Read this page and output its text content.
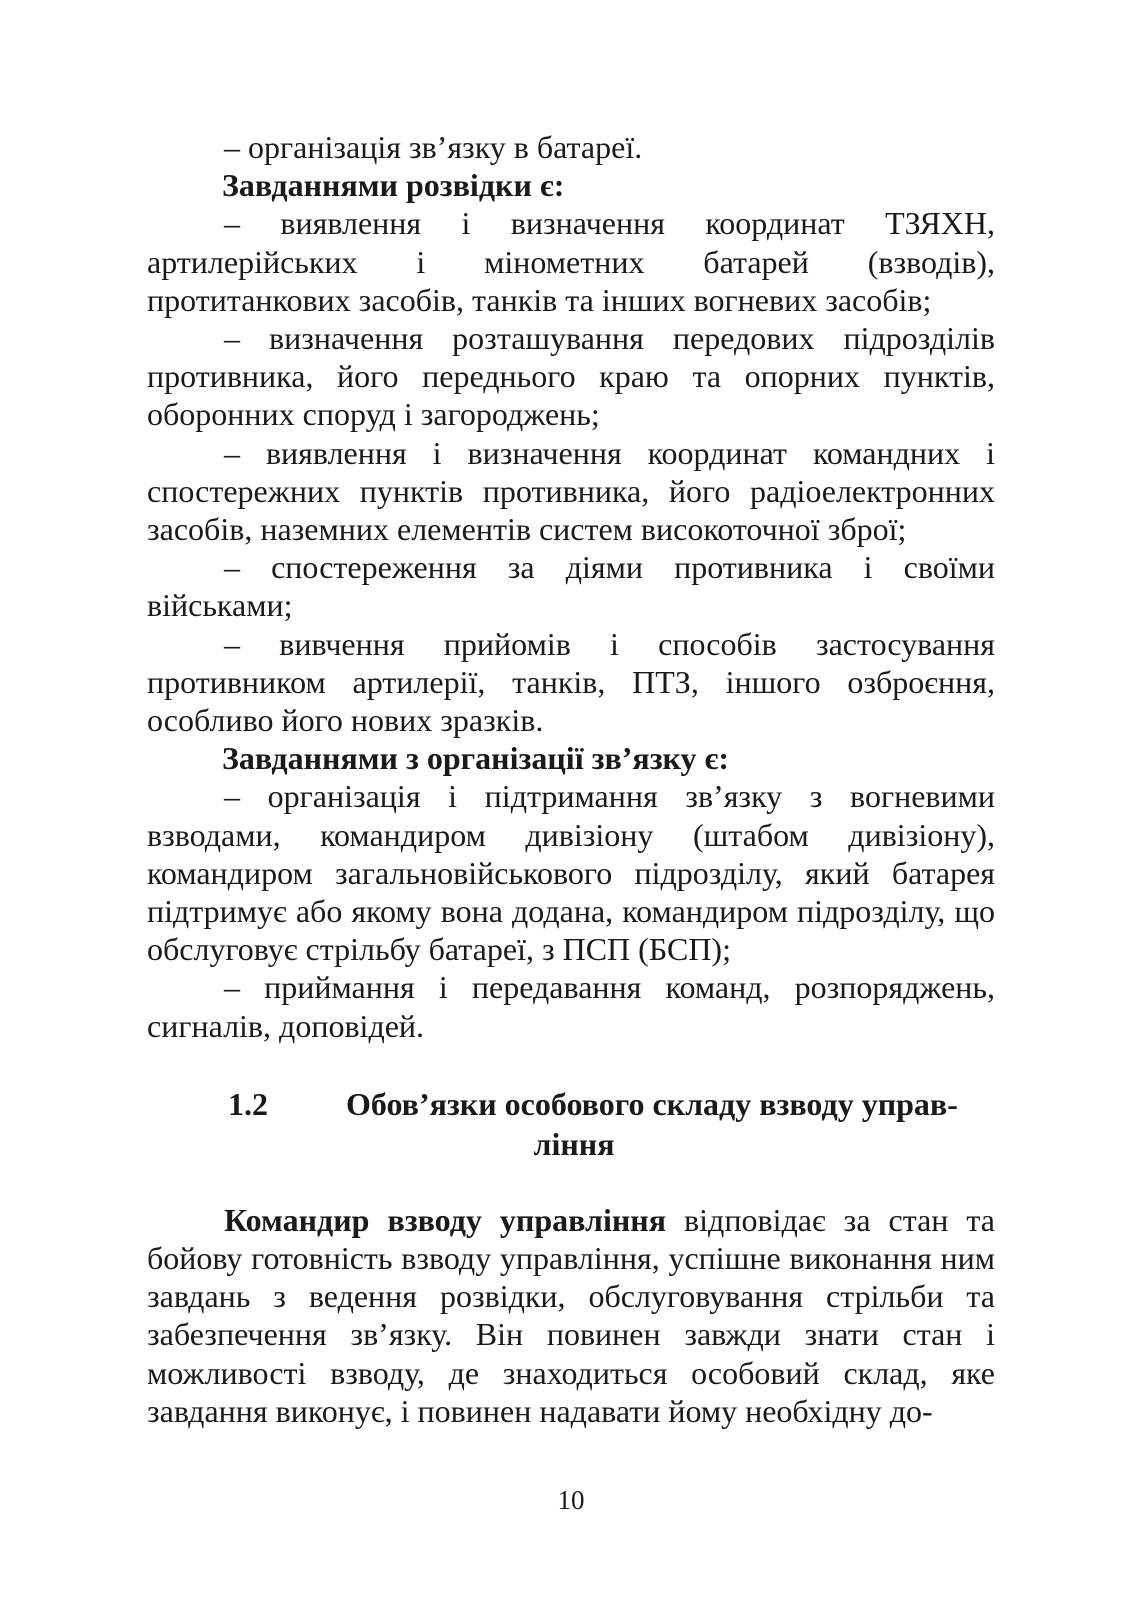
– організація зв’язку в батареї.

Завданнями розвідки є:

– виявлення і визначення координат ТЗЯХН, артилерійських і мінометних батарей (взводів), протитанкових засобів, танків та інших вогневих засобів;

– визначення розташування передових підрозділів противника, його переднього краю та опорних пунктів, оборонних споруд і загороджень;

– виявлення і визначення координат командних і спостережних пунктів противника, його радіоелектронних засобів, наземних елементів систем високоточної зброї;

– спостереження за діями противника і своїми військами;

– вивчення прийомів і способів застосування противником артилерії, танків, ПТЗ, іншого озброєння, особливо його нових зразків.

Завданнями з організації зв’язку є:

– організація і підтримання зв’язку з вогневими взводами, командиром дивізіону (штабом дивізіону), командиром загальновійськового підрозділу, який батарея підтримує або якому вона додана, командиром підрозділу, що обслуговує стрільбу батареї, з ПСП (БСП);

– приймання і передавання команд, розпоряджень, сигналів, доповідей.

1.2 Обов’язки особового складу взводу управ-
ління

Командир взводу управління відповідає за стан та бойову готовність взводу управління, успішне виконання ним завдань з ведення розвідки, обслуговування стрільби та забезпечення зв’язку. Він повинен завжди знати стан і можливості взводу, де знаходиться особовий склад, яке завдання виконує, і повинен надавати йому необхідну до-

10
